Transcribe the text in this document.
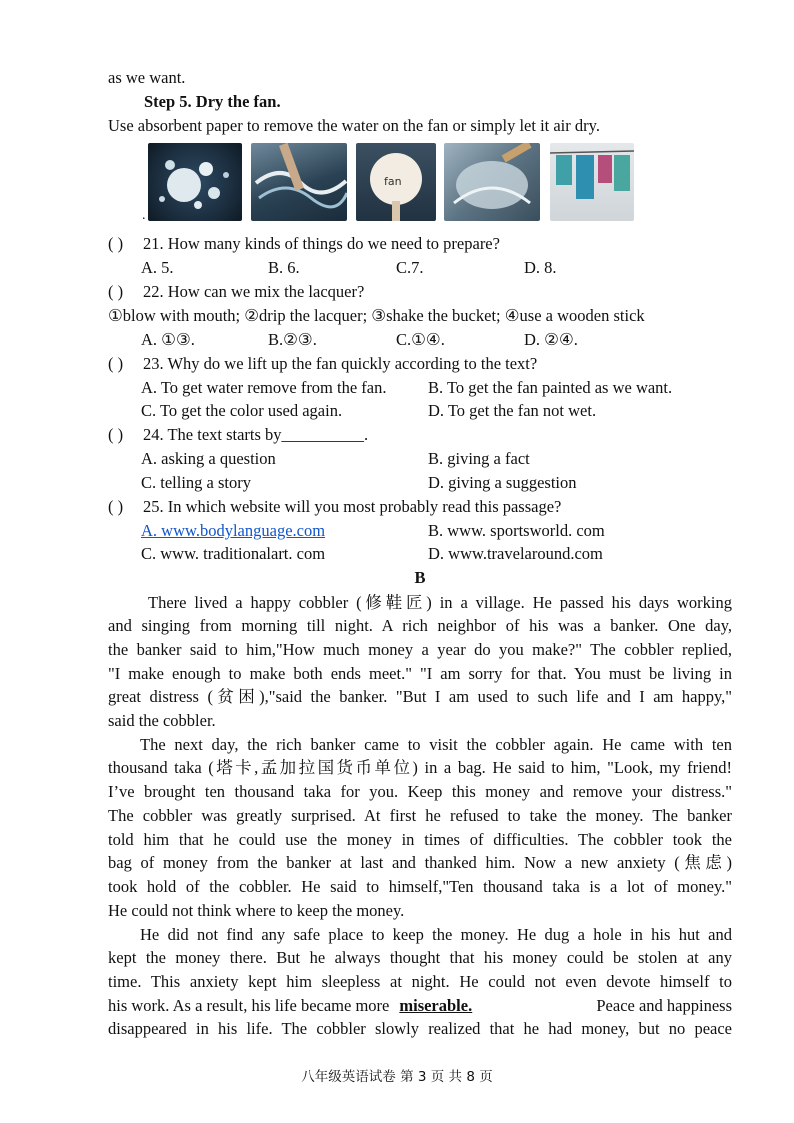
as we want.
Step 5. Dry the fan.
Use absorbent paper to remove the water on the fan or simply let it air dry.
.
fan
( ) 21. How many kinds of things do we need to prepare?
A. 5.	B. 6.	C.7.	D. 8.
( ) 22. How can we mix the lacquer?
①blow with mouth; ②drip the lacquer; ③shake the bucket; ④use a wooden stick
A. ①③.	B.②③.	C.①④.	D. ②④.
( ) 23. Why do we lift up the fan quickly according to the text?
A. To get water remove from the fan.	B. To get the fan painted as we want.
C. To get the color used again.	D. To get the fan not wet.
( ) 24. The text starts by__________.
A. asking a question	B. giving a fact
C. telling a story	D. giving a suggestion
( ) 25. In which website will you most probably read this passage?
A. www.bodylanguage.com	B. www. sportsworld. com
C. www. traditionalart. com	D. www.travelaround.com
B
There lived a happy cobbler (修鞋匠) in a village. He passed his days working
and singing from morning till night. A rich neighbor of his was a banker. One day,
the banker said to him,"How much money a year do you make?" The cobbler replied,
"I make enough to make both ends meet." "I am sorry for that. You must be living in
great distress (贫困),"said the banker. "But I am used to such life and I am happy,"
said the cobbler.
The next day, the rich banker came to visit the cobbler again. He came with ten
thousand taka (塔卡,孟加拉国货币单位) in a bag. He said to him, "Look, my friend!
I’ve brought ten thousand taka for you. Keep this money and remove your distress."
The cobbler was greatly surprised. At first he refused to take the money. The banker
told him that he could use the money in times of difficulties. The cobbler took the
bag of money from the banker at last and thanked him. Now a new anxiety (焦虑)
took hold of the cobbler. He said to himself,"Ten thousand taka is a lot of money."
He could not think where to keep the money.
He did not find any safe place to keep the money. He dug a hole in his hut and
kept the money there. But he always thought that his money could be stolen at any
time. This anxiety kept him sleepless at night. He could not even devote himself to
his work. As a result, his life became more miserable.	Peace and happiness
disappeared in his life. The cobbler slowly realized that he had money, but no peace
八年级英语试卷 第 3 页 共 8 页
